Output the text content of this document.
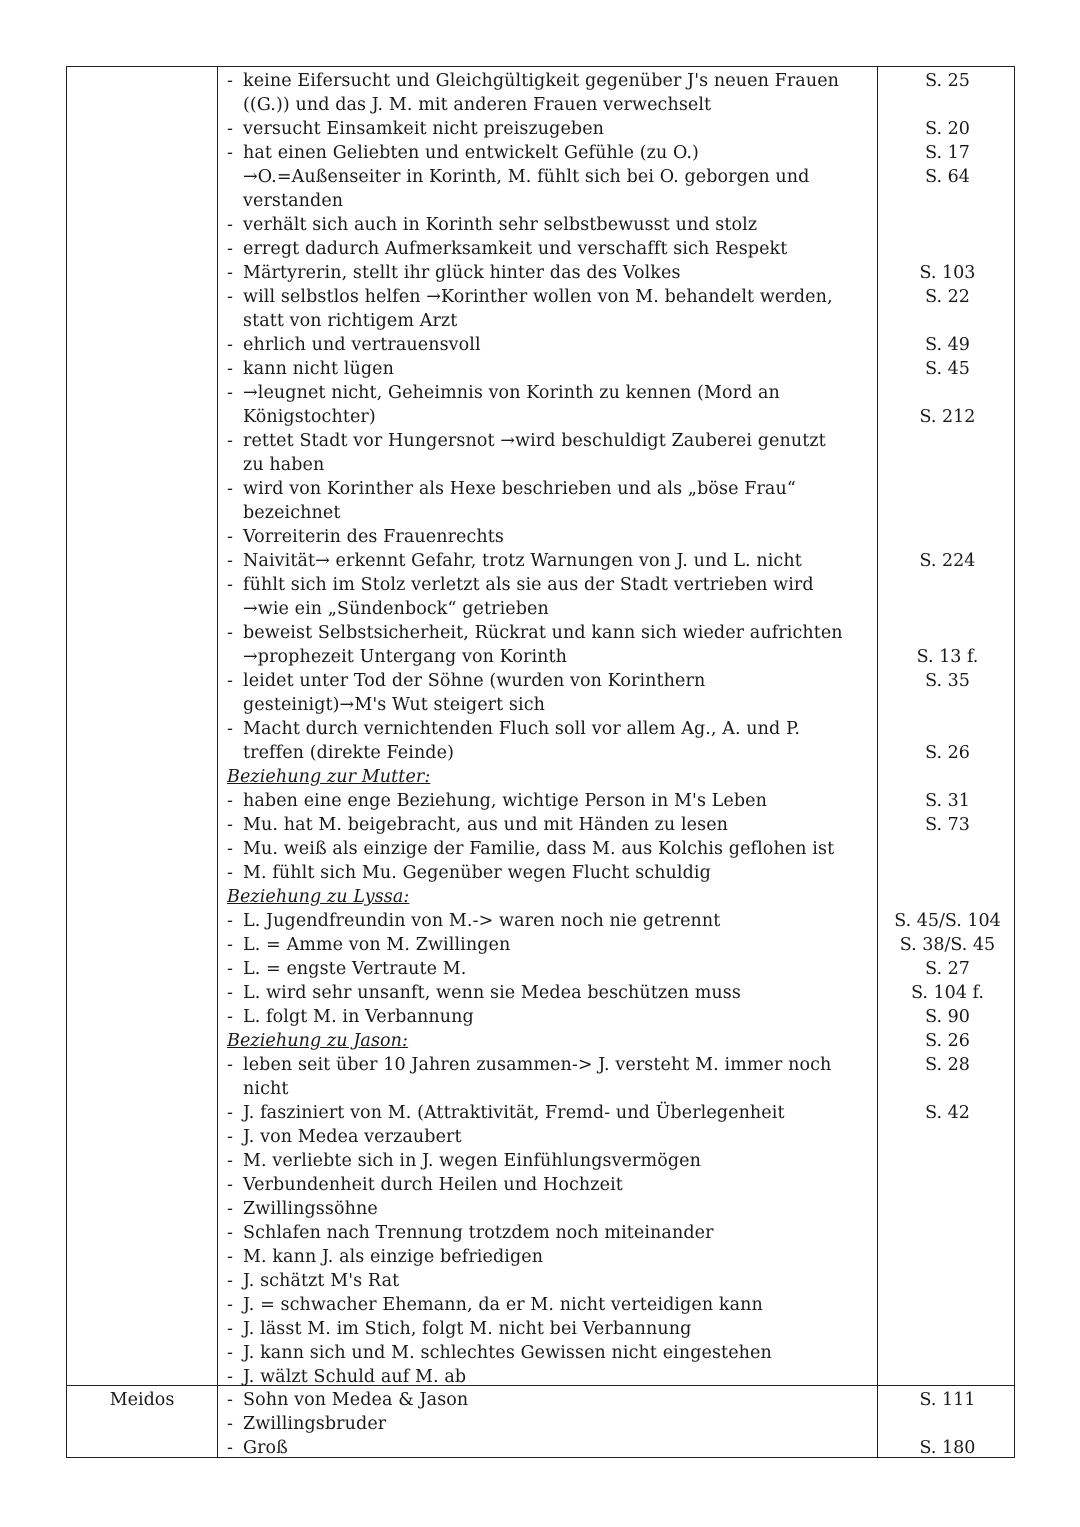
- keine Eifersucht und Gleichgültigkeit gegenüber J's neuen Frauen
((G.)) und das J. M. mit anderen Frauen verwechselt
- versucht Einsamkeit nicht preiszugeben
- hat einen Geliebten und entwickelt Gefühle (zu O.)
→O.=Außenseiter in Korinth, M. fühlt sich bei O. geborgen und
verstanden
- verhält sich auch in Korinth sehr selbstbewusst und stolz
- erregt dadurch Aufmerksamkeit und verschafft sich Respekt
- Märtyrerin, stellt ihr glück hinter das des Volkes
- will selbstlos helfen →Korinther wollen von M. behandelt werden,
statt von richtigem Arzt
- ehrlich und vertrauensvoll
- kann nicht lügen
- →leugnet nicht, Geheimnis von Korinth zu kennen (Mord an
Königstochter)
- rettet Stadt vor Hungersnot →wird beschuldigt Zauberei genutzt
zu haben
- wird von Korinther als Hexe beschrieben und als „böse Frau“
bezeichnet
- Vorreiterin des Frauenrechts
- Naivität→ erkennt Gefahr, trotz Warnungen von J. und L. nicht
- fühlt sich im Stolz verletzt als sie aus der Stadt vertrieben wird
→wie ein „Sündenbock“ getrieben
- beweist Selbstsicherheit, Rückrat und kann sich wieder aufrichten
→prophezeit Untergang von Korinth
- leidet unter Tod der Söhne (wurden von Korinthern
gesteinigt)→M's Wut steigert sich
- Macht durch vernichtenden Fluch soll vor allem Ag., A. und P.
treffen (direkte Feinde)
Beziehung zur Mutter:
- haben eine enge Beziehung, wichtige Person in M's Leben
- Mu. hat M. beigebracht, aus und mit Händen zu lesen
- Mu. weiß als einzige der Familie, dass M. aus Kolchis geflohen ist
- M. fühlt sich Mu. Gegenüber wegen Flucht schuldig
Beziehung zu Lyssa:
- L. Jugendfreundin von M.-> waren noch nie getrennt
- L. = Amme von M. Zwillingen
- L. = engste Vertraute M.
- L. wird sehr unsanft, wenn sie Medea beschützen muss
- L. folgt M. in Verbannung
Beziehung zu Jason:
- leben seit über 10 Jahren zusammen-> J. versteht M. immer noch
nicht
- J. fasziniert von M. (Attraktivität, Fremd- und Überlegenheit
- J. von Medea verzaubert
- M. verliebte sich in J. wegen Einfühlungsvermögen
- Verbundenheit durch Heilen und Hochzeit
- Zwillingssöhne
- Schlafen nach Trennung trotzdem noch miteinander
- M. kann J. als einzige befriedigen
- J. schätzt M's Rat
- J. = schwacher Ehemann, da er M. nicht verteidigen kann
- J. lässt M. im Stich, folgt M. nicht bei Verbannung
- J. kann sich und M. schlechtes Gewissen nicht eingestehen
- J. wälzt Schuld auf M. ab
S. 25
S. 20
S. 17
S. 64
S. 103
S. 22
S. 49
S. 45
S. 212
S. 224
S. 13 f.
S. 35
S. 26
S. 31
S. 73
S. 45/S. 104
S. 38/S. 45
S. 27
S. 104 f.
S. 90
S. 26
S. 28
S. 42
Meidos	- Sohn von Medea & Jason
- Zwillingsbruder
- Groß
S. 111
S. 180
